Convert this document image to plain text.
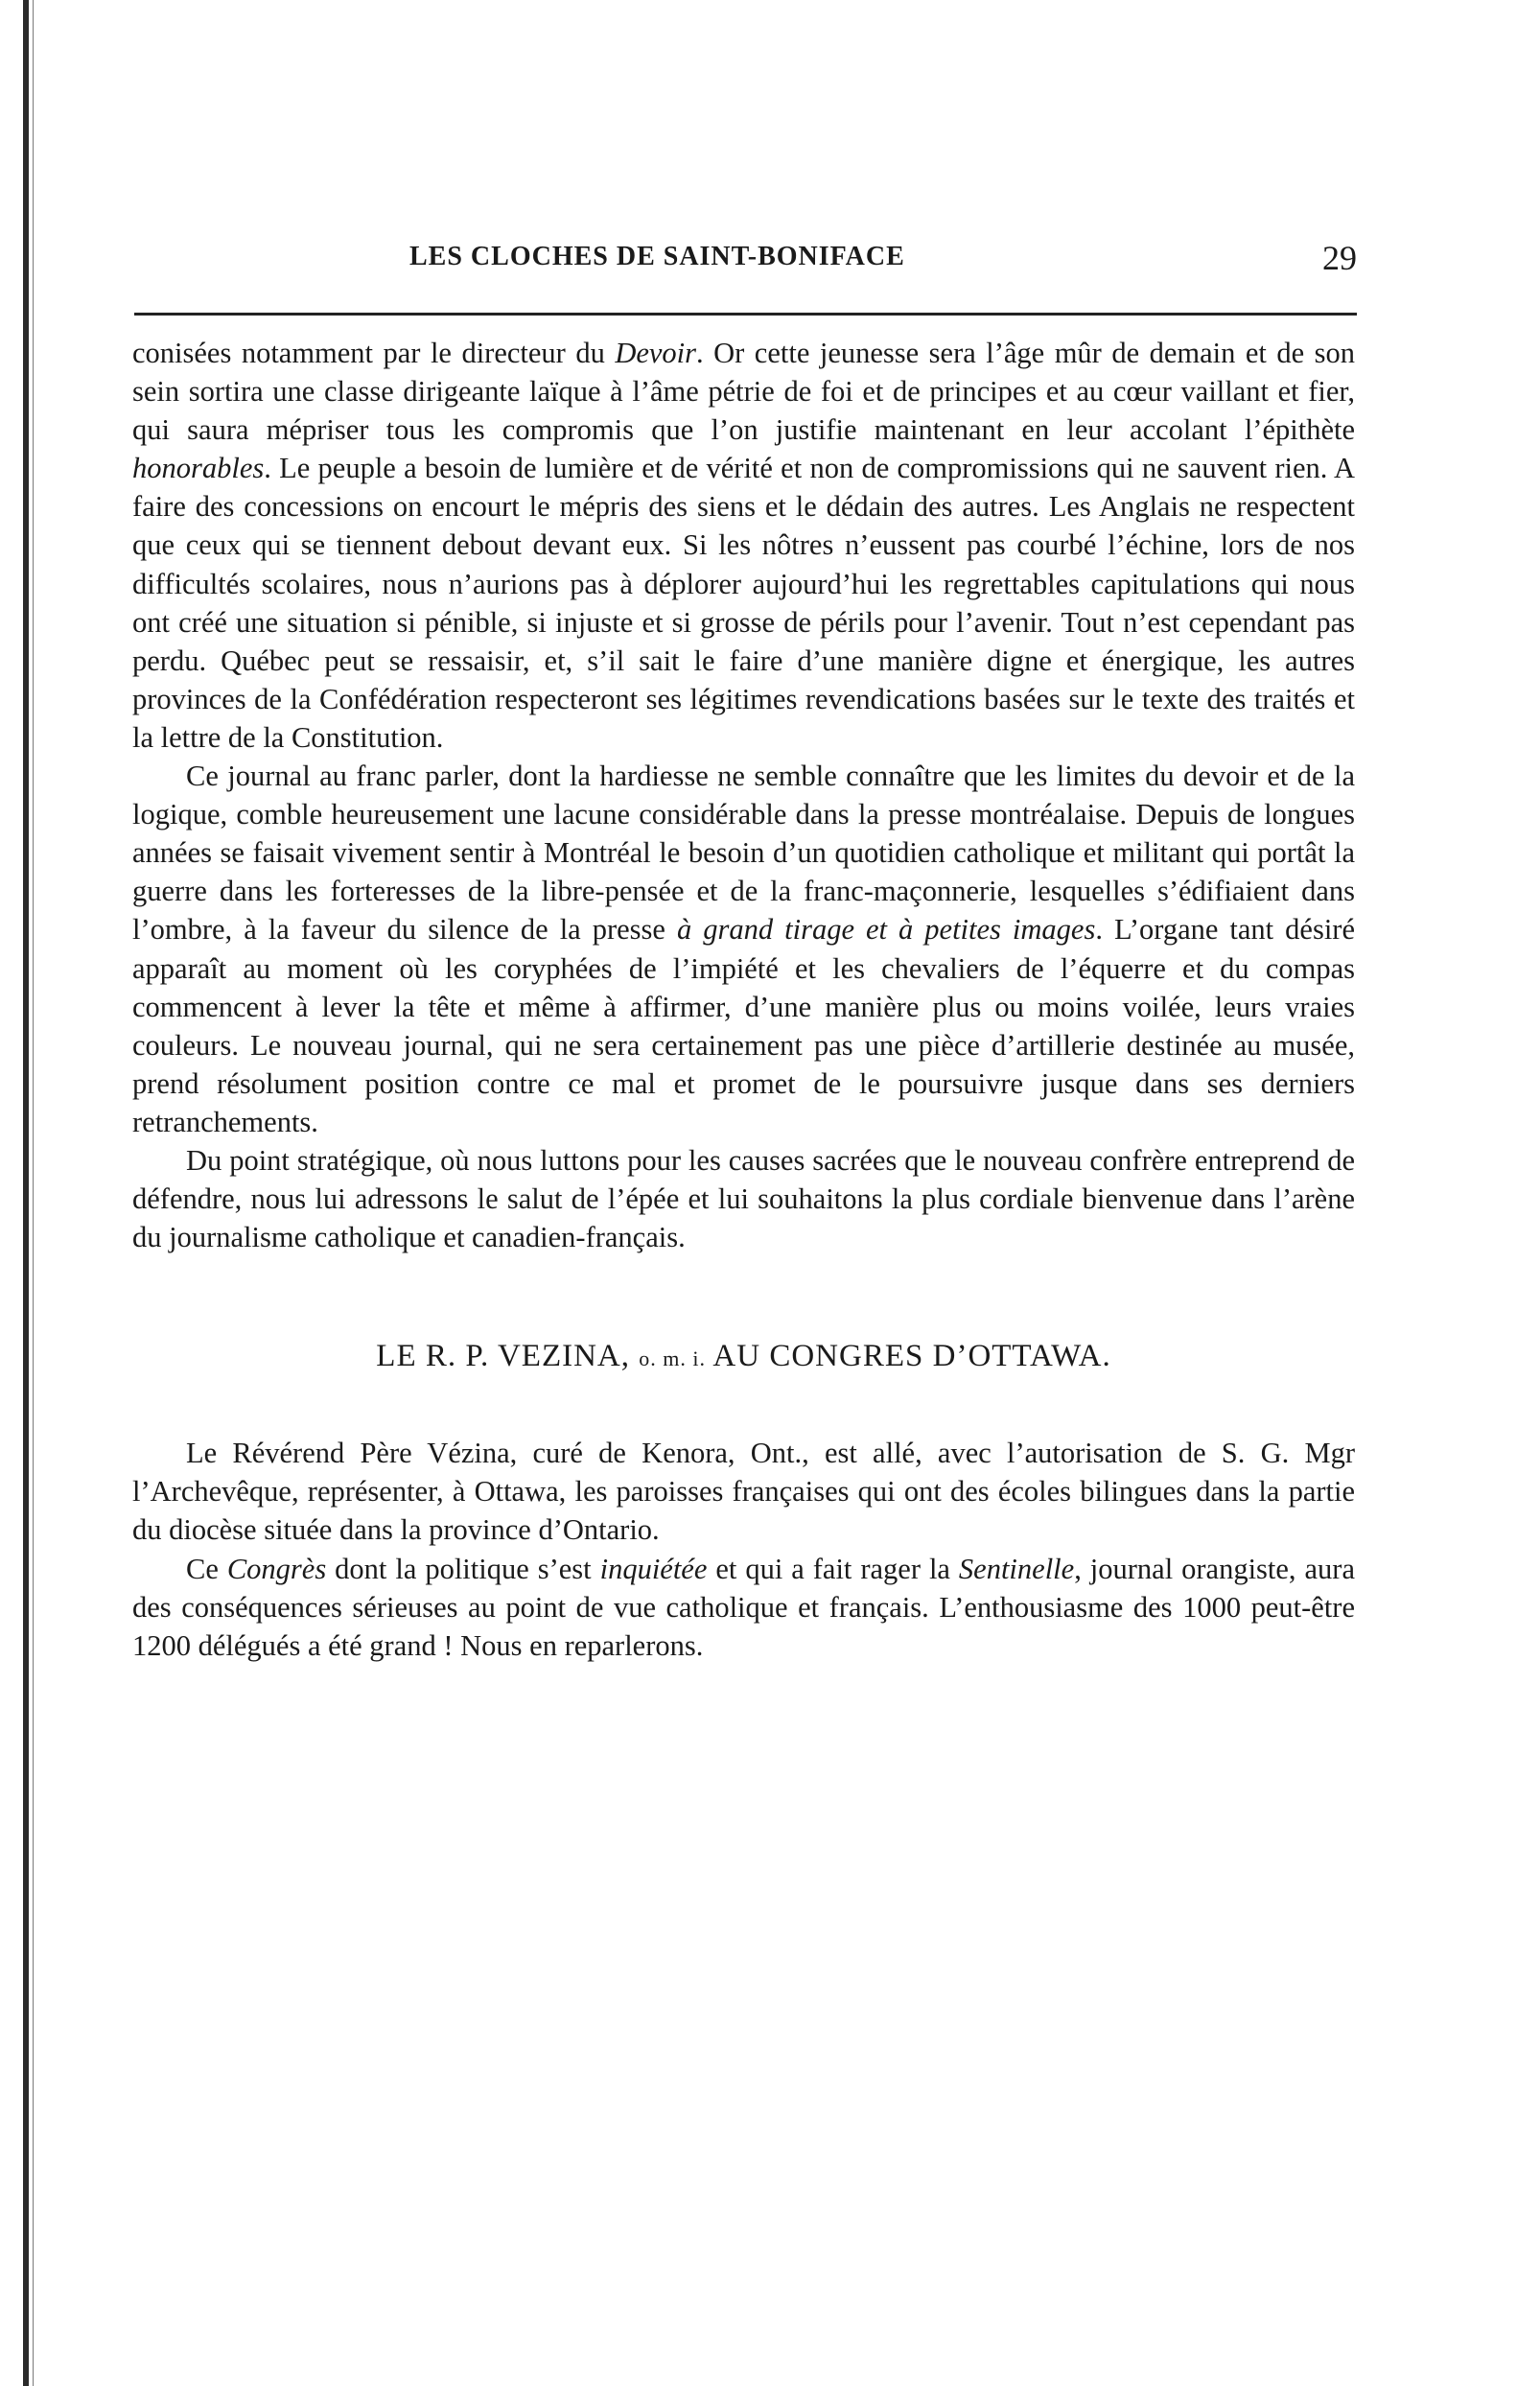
LES CLOCHES DE SAINT-BONIFACE	29

conisées notamment par le directeur du Devoir. Or cette jeunesse sera l’âge mûr de demain et de son sein sortira une classe dirigeante laïque à l’âme pétrie de foi et de principes et au cœur vaillant et fier, qui saura mépriser tous les compromis que l’on justifie maintenant en leur accolant l’épithète honorables. Le peuple a besoin de lumière et de vérité et non de compromissions qui ne sauvent rien. A faire des concessions on encourt le mépris des siens et le dédain des autres. Les Anglais ne respectent que ceux qui se tiennent debout devant eux. Si les nôtres n’eussent pas courbé l’échine, lors de nos difficultés scolaires, nous n’aurions pas à déplorer aujourd’hui les regrettables capitulations qui nous ont créé une situation si pénible, si injuste et si grosse de périls pour l’avenir. Tout n’est cependant pas perdu. Québec peut se ressaisir, et, s’il sait le faire d’une manière digne et énergique, les autres provinces de la Confédération respecteront ses légitimes revendications basées sur le texte des traités et la lettre de la Constitution.

Ce journal au franc parler, dont la hardiesse ne semble connaître que les limites du devoir et de la logique, comble heureusement une lacune considérable dans la presse montréalaise. Depuis de longues années se faisait vivement sentir à Montréal le besoin d’un quotidien catholique et militant qui portât la guerre dans les forteresses de la libre-pensée et de la franc-maçonnerie, lesquelles s’édifiaient dans l’ombre, à la faveur du silence de la presse à grand tirage et à petites images. L’organe tant désiré apparaît au moment où les coryphées de l’impiété et les chevaliers de l’équerre et du compas commencent à lever la tête et même à affirmer, d’une manière plus ou moins voilée, leurs vraies couleurs. Le nouveau journal, qui ne sera certainement pas une pièce d’artillerie destinée au musée, prend résolument position contre ce mal et promet de le poursuivre jusque dans ses derniers retranchements.

Du point stratégique, où nous luttons pour les causes sacrées que le nouveau confrère entreprend de défendre, nous lui adressons le salut de l’épée et lui souhaitons la plus cordiale bienvenue dans l’arène du journalisme catholique et canadien-français.

LE R. P. VEZINA, o. m. i. AU CONGRES D’OTTAWA.

Le Révérend Père Vézina, curé de Kenora, Ont., est allé, avec l’autorisation de S. G. Mgr l’Archevêque, représenter, à Ottawa, les paroisses françaises qui ont des écoles bilingues dans la partie du diocèse située dans la province d’Ontario.

Ce Congrès dont la politique s’est inquiétée et qui a fait rager la Sentinelle, journal orangiste, aura des conséquences sérieuses au point de vue catholique et français. L’enthousiasme des 1000 peut-être 1200 délégués a été grand ! Nous en reparlerons.
